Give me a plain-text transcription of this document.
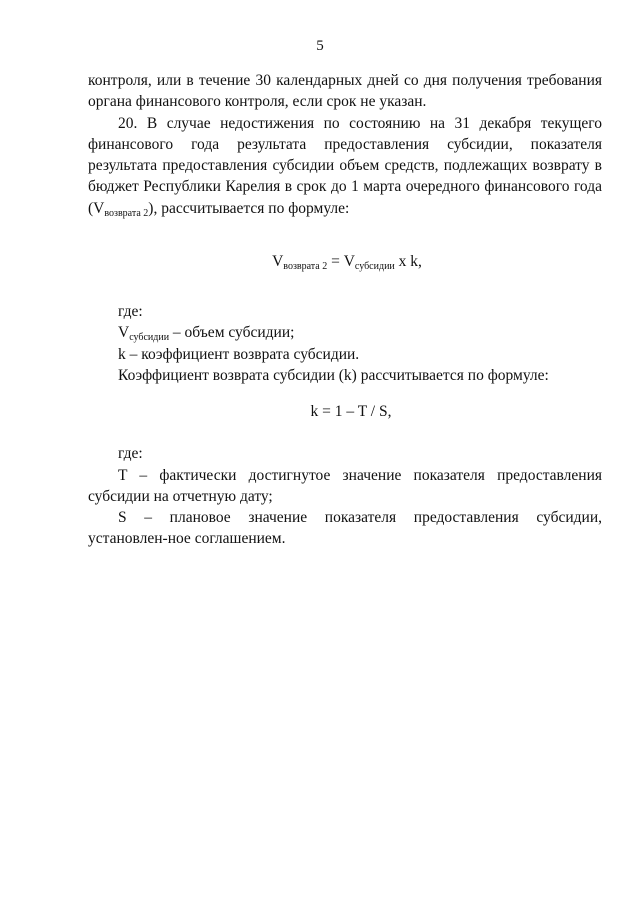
5

контроля, или в течение 30 календарных дней со дня получения требования

органа финансового контроля, если срок не указан.

20. В случае недостижения по состоянию на 31 декабря текущего финансового года результата предоставления субсидии, показателя результата предоставления субсидии объем средств, подлежащих возврату в бюджет Республики Карелия в срок до 1 марта очередного финансового года $(V_{возврата 2})$, рассчитывается по формуле:

$V_{возврата 2} = V_{субсидии}$ x k,

где:

$V_{субсидии}$ – объем субсидии;

k – коэффициент возврата субсидии.

Коэффициент возврата субсидии (k) рассчитывается по формуле:

k = 1 – T / S,

где:

T – фактически достигнутое значение показателя предоставления субсидии на отчетную дату;

S – плановое значение показателя предоставления субсидии, установлен-ное соглашением.
